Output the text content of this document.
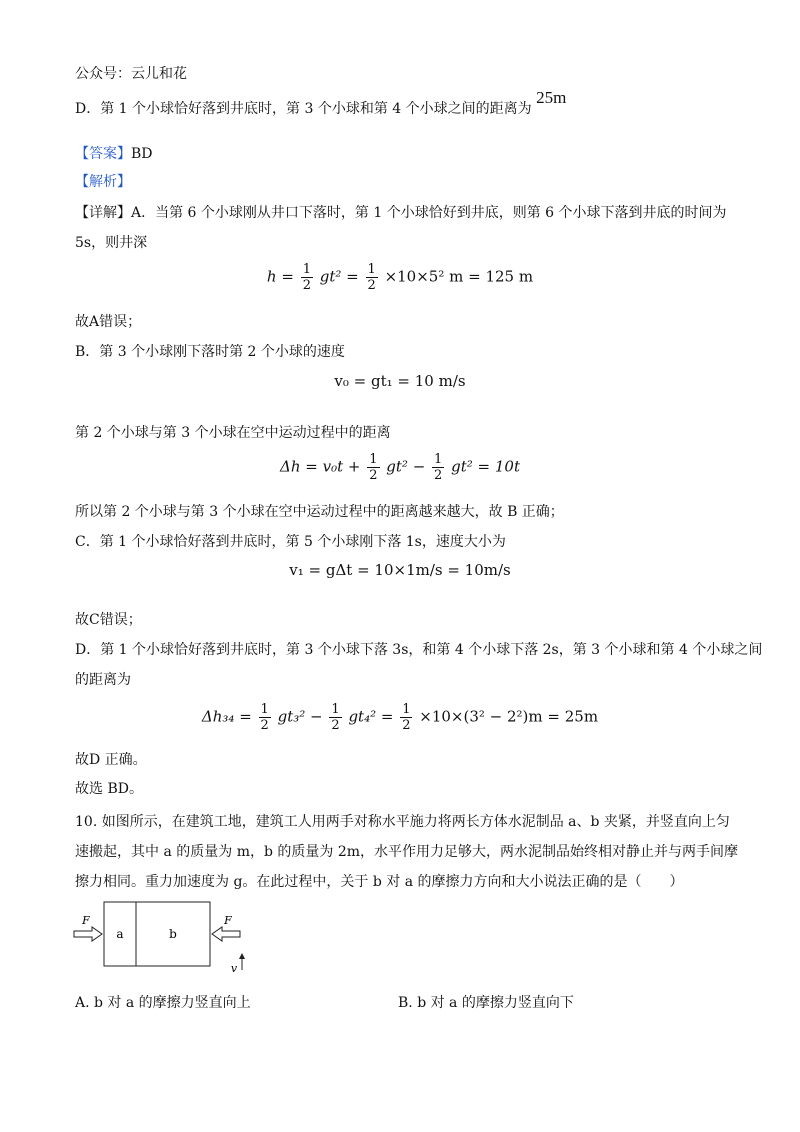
公众号：云儿和花
D．第 1 个小球恰好落到井底时，第 3 个小球和第 4 个小球之间的距离为 25m
【答案】BD
【解析】
【详解】A．当第 6 个小球刚从井口下落时，第 1 个小球恰好到井底，则第 6 个小球下落到井底的时间为
5s，则井深
$h = \frac{1}{2} gt^2 = \frac{1}{2} \times 10\times 5^2$ m = 125 m
故A错误；
B．第 3 个小球刚下落时第 2 个小球的速度
v₀ = gt₁ = 10 m/s
第 2 个小球与第 3 个小球在空中运动过程中的距离
$\Delta h = v_0t + \frac{1}{2} gt^2 - \frac{1}{2} gt^2 = 10t$
所以第 2 个小球与第 3 个小球在空中运动过程中的距离越来越大，故 B 正确；
C．第 1 个小球恰好落到井底时，第 5 个小球刚下落 1s，速度大小为
v₁ = gΔt = 10×1m/s = 10m/s
故C错误；
D．第 1 个小球恰好落到井底时，第 3 个小球下落 3s，和第 4 个小球下落 2s，第 3 个小球和第 4 个小球之间
的距离为
$\Delta h_{34} = \frac{1}{2} gt_3^2 - \frac{1}{2} gt_4^2 = \frac{1}{2} \times 10\times(3^2 - 2^2)m = 25m$
故D 正确。
故选 BD。
10. 如图所示，在建筑工地，建筑工人用两手对称水平施力将两长方体水泥制品 a、b 夹紧，并竖直向上匀
速搬起，其中 a 的质量为 m，b 的质量为 2m，水平作用力足够大，两水泥制品始终相对静止并与两手间摩
擦力相同。重力加速度为 g。在此过程中，关于 b 对 a 的摩擦力方向和大小说法正确的是（　　）
a	b
F	F
v
A. b 对 a 的摩擦力竖直向上	B. b 对 a 的摩擦力竖直向下
